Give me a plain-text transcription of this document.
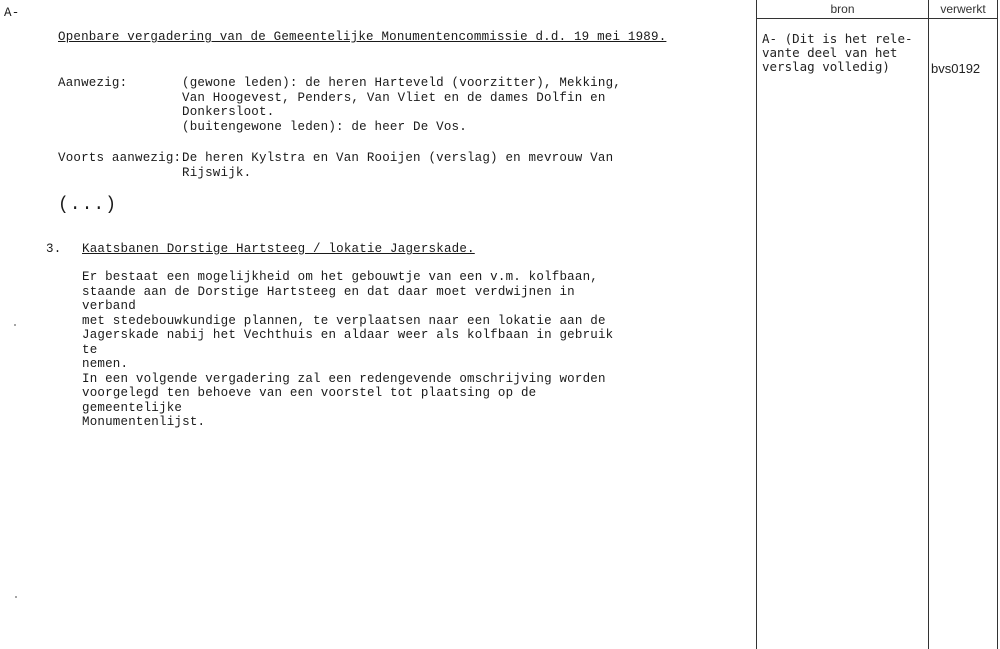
A-
Openbare vergadering van de Gemeentelijke Monumentencommissie d.d. 19 mei 1989.
Aanwezig:	(gewone leden): de heren Harteveld (voorzitter), Mekking,
Van Hoogevest, Penders, Van Vliet en de dames Dolfin en
Donkersloot.
(buitengewone leden): de heer De Vos.
Voorts aanwezig: De heren Kylstra en Van Rooijen (verslag) en mevrouw Van
Rijswijk.
(...)
3. Kaatsbanen Dorstige Hartsteeg / lokatie Jagerskade.
Er bestaat een mogelijkheid om het gebouwtje van een v.m. kolfbaan,
staande aan de Dorstige Hartsteeg en dat daar moet verdwijnen in verband
met stedebouwkundige plannen, te verplaatsen naar een lokatie aan de
Jagerskade nabij het Vechthuis en aldaar weer als kolfbaan in gebruik te
nemen.
In een volgende vergadering zal een redengevende omschrijving worden
voorgelegd ten behoeve van een voorstel tot plaatsing op de gemeentelijke
Monumentenlijst.
bron	verwerkt
A- (Dit is het rele-
vante deel van het
verslag volledig)	bvs0192
